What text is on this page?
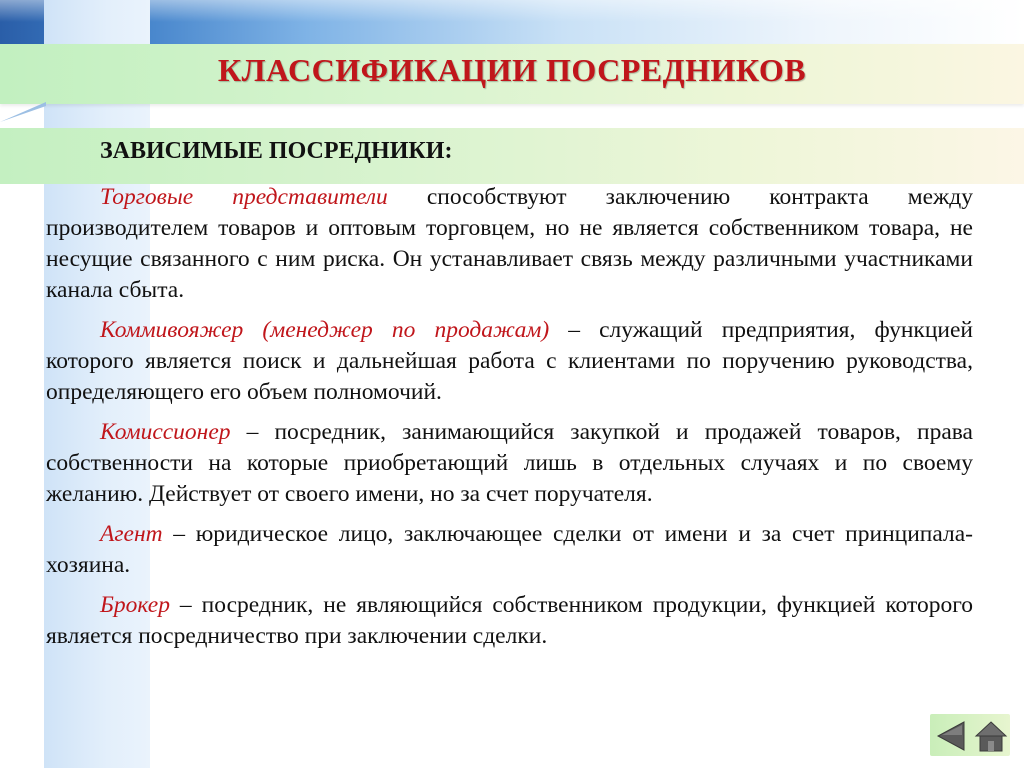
КЛАССИФИКАЦИИ ПОСРЕДНИКОВ
ЗАВИСИМЫЕ ПОСРЕДНИКИ:

Торговые представители способствуют заключению контракта между производителем товаров и оптовым торговцем, но не является собственником товара, не несущие связанного с ним риска. Он устанавливает связь между различными участниками канала сбыта.

Коммивояжер (менеджер по продажам) – служащий предприятия, функцией которого является поиск и дальнейшая работа с клиентами по поручению руководства, определяющего его объем полномочий.

Комиссионер – посредник, занимающийся закупкой и продажей товаров, права собственности на которые приобретающий лишь в отдельных случаях и по своему желанию. Действует от своего имени, но за счет поручателя.

Агент – юридическое лицо, заключающее сделки от имени и за счет принципала-хозяина.

Брокер – посредник, не являющийся собственником продукции, функцией которого является посредничество при заключении сделки.
